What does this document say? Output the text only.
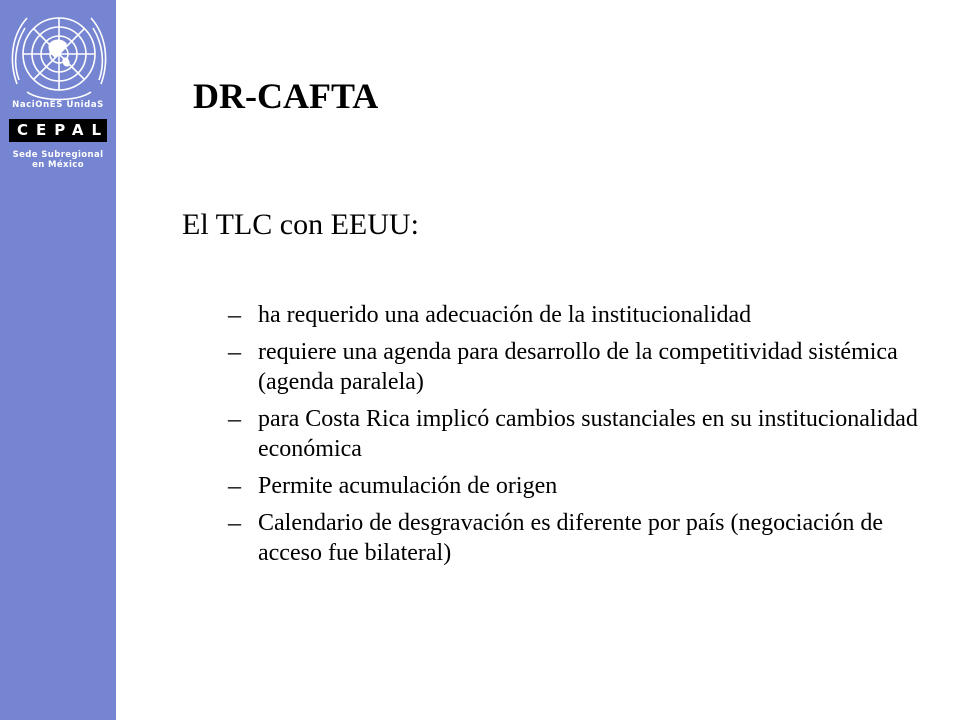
NaciOnES UnidaS
CEPAL
Sede Subregional
en México
DR-CAFTA
El TLC con EEUU:
– ha requerido una adecuación de la institucionalidad
– requiere una agenda para desarrollo de la competitividad sistémica (agenda paralela)
– para Costa Rica implicó cambios sustanciales en su institucionalidad económica
– Permite acumulación de origen
– Calendario de desgravación es diferente por país (negociación de acceso fue bilateral)
